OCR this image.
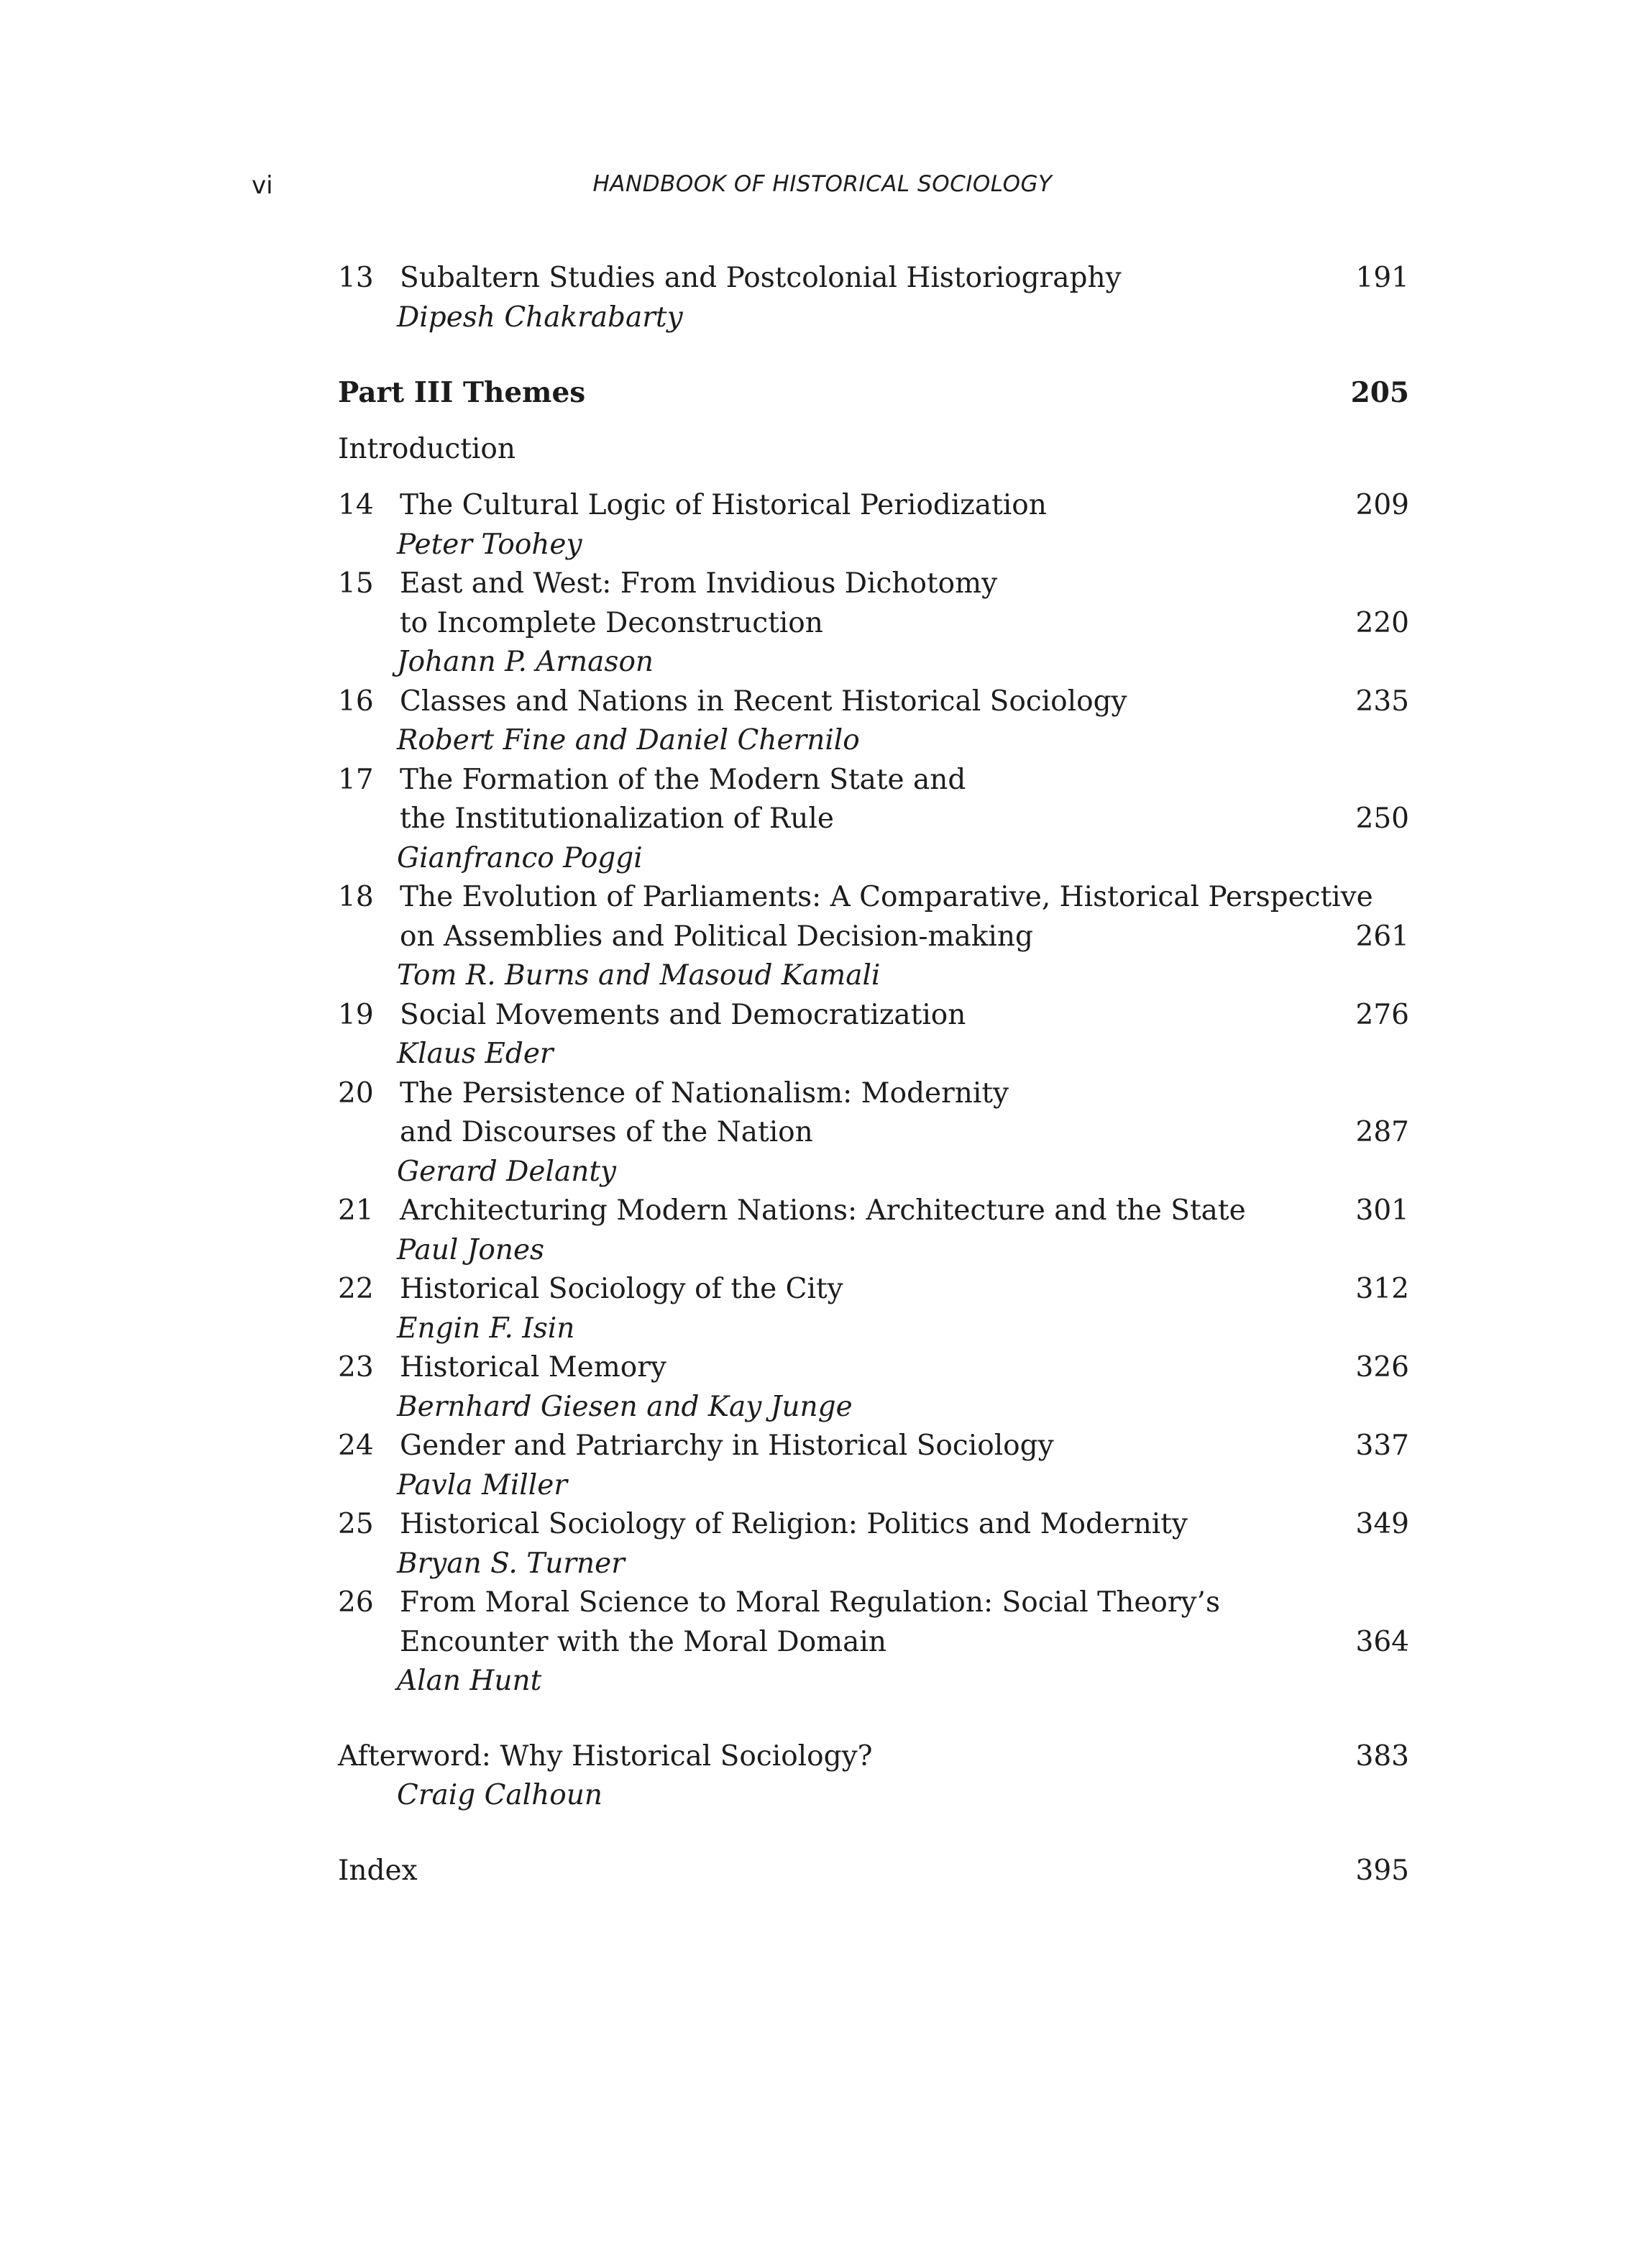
vi	HANDBOOK OF HISTORICAL SOCIOLOGY
13 Subaltern Studies and Postcolonial Historiography	191
Dipesh Chakrabarty
Part III Themes	205
Introduction
14 The Cultural Logic of Historical Periodization	209
Peter Toohey
15 East and West: From Invidious Dichotomy
to Incomplete Deconstruction	220
Johann P. Arnason
16 Classes and Nations in Recent Historical Sociology	235
Robert Fine and Daniel Chernilo
17 The Formation of the Modern State and
the Institutionalization of Rule	250
Gianfranco Poggi
18 The Evolution of Parliaments: A Comparative, Historical Perspective
on Assemblies and Political Decision-making	261
Tom R. Burns and Masoud Kamali
19 Social Movements and Democratization	276
Klaus Eder
20 The Persistence of Nationalism: Modernity
and Discourses of the Nation	287
Gerard Delanty
21 Architecturing Modern Nations: Architecture and the State	301
Paul Jones
22 Historical Sociology of the City	312
Engin F. Isin
23 Historical Memory	326
Bernhard Giesen and Kay Junge
24 Gender and Patriarchy in Historical Sociology	337
Pavla Miller
25 Historical Sociology of Religion: Politics and Modernity	349
Bryan S. Turner
26 From Moral Science to Moral Regulation: Social Theory’s
Encounter with the Moral Domain	364
Alan Hunt
Afterword: Why Historical Sociology?	383
Craig Calhoun
Index	395
